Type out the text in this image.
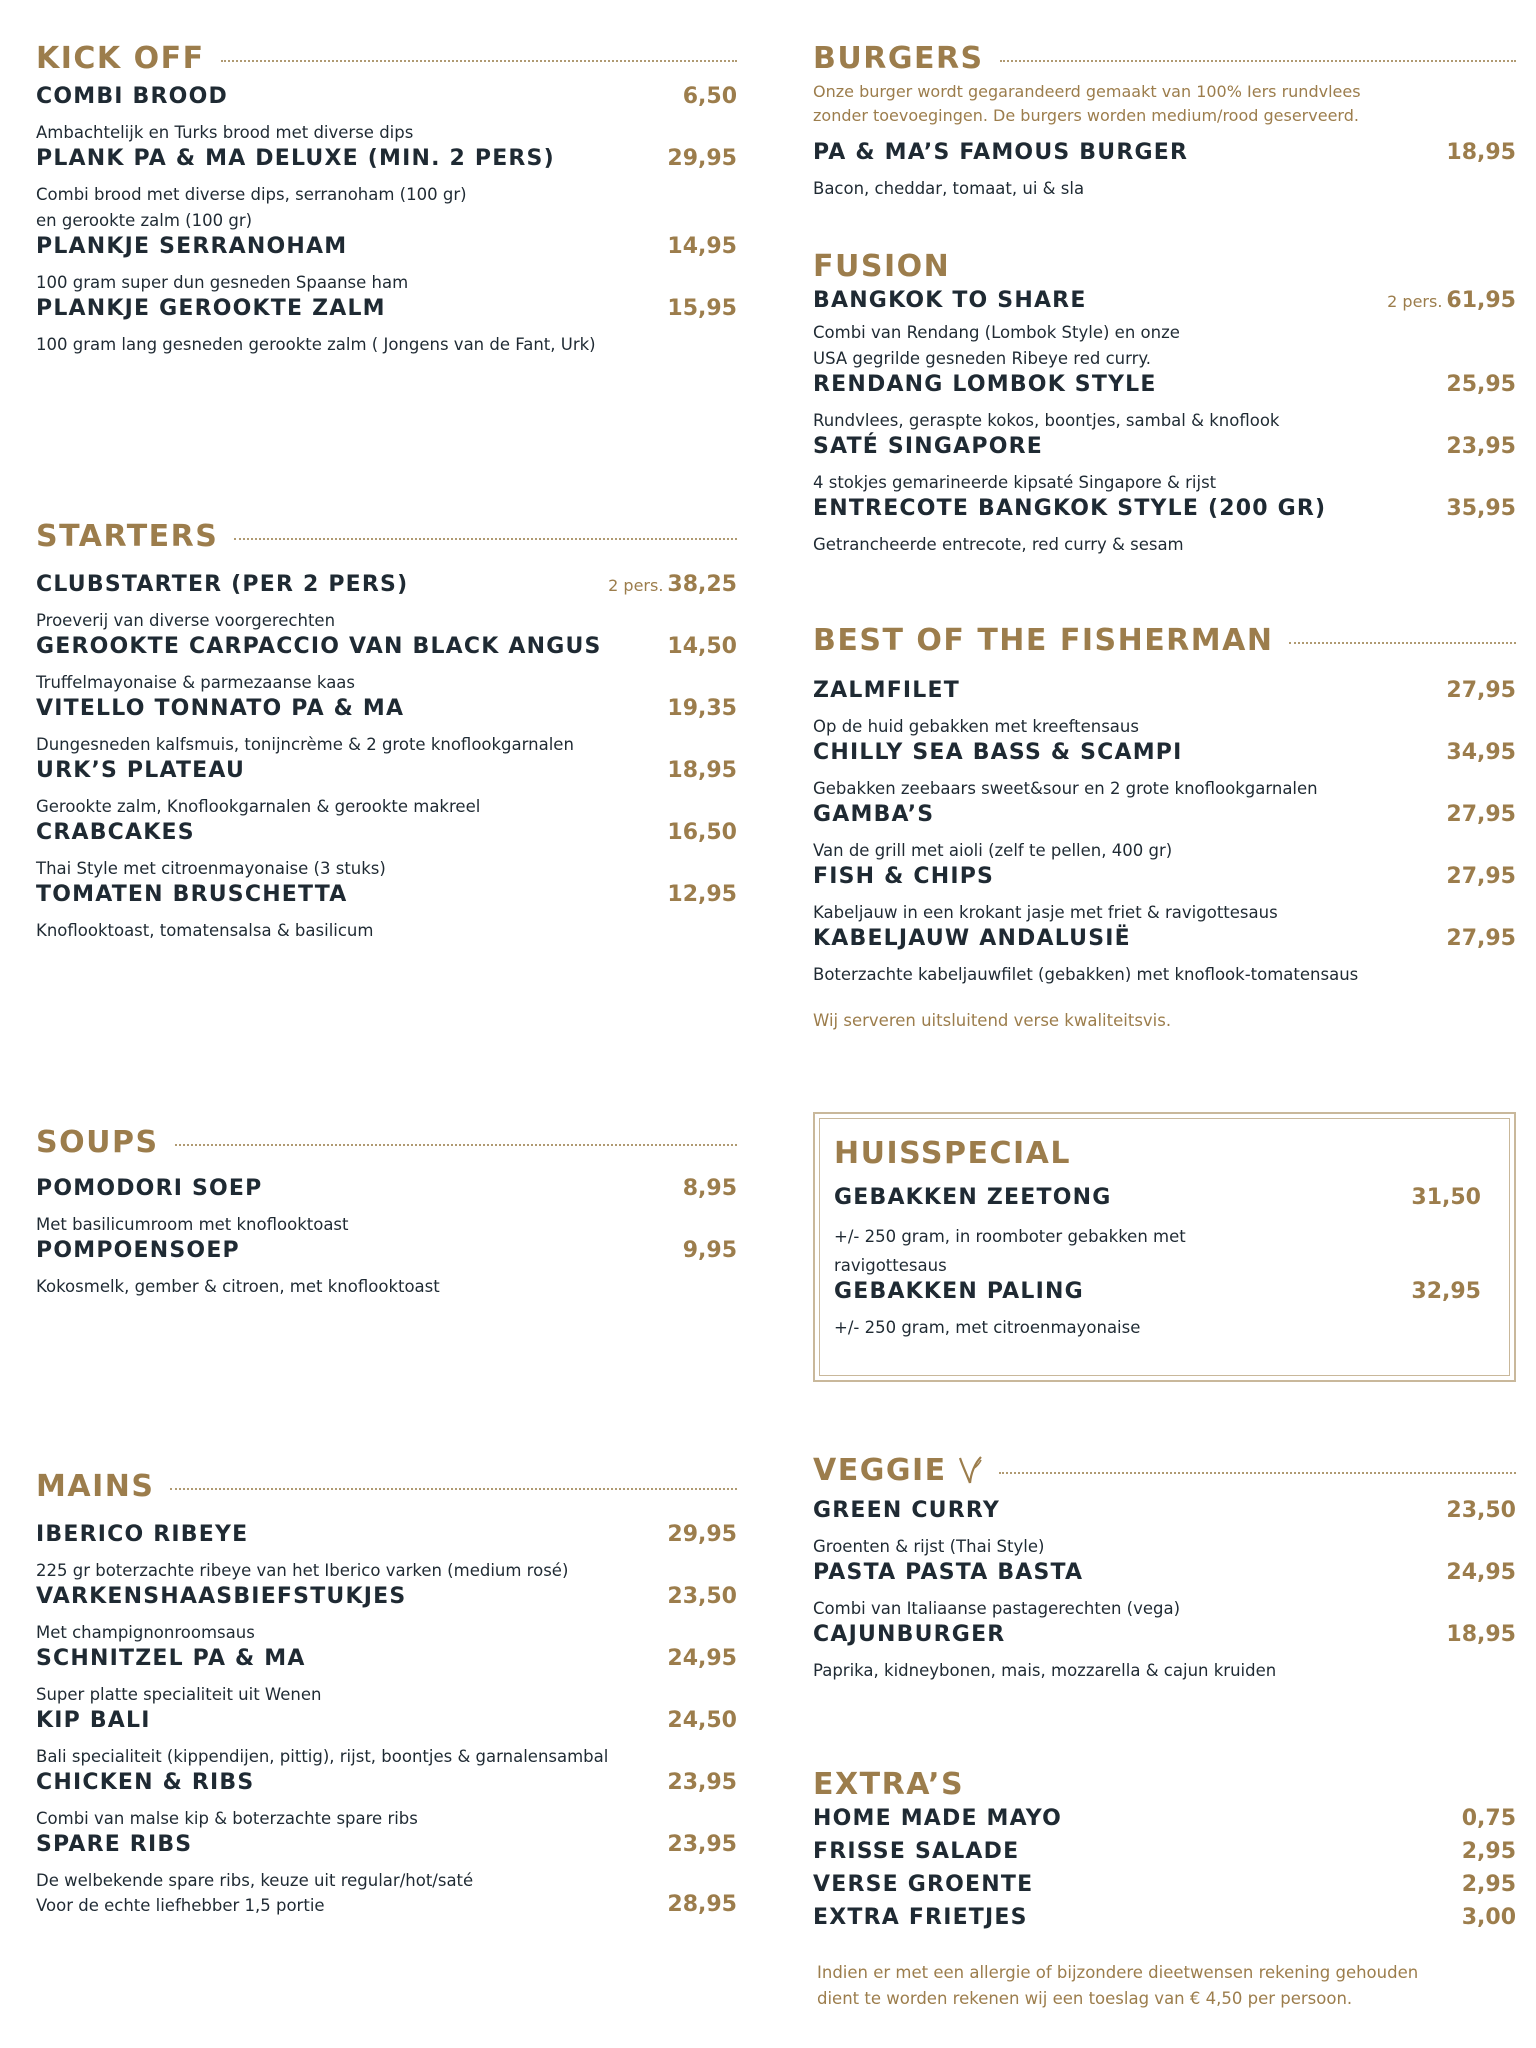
KICK OFF
COMBI BROOD	6,50
Ambachtelijk en Turks brood met diverse dips
PLANK PA & MA DELUXE (MIN. 2 PERS)	29,95
Combi brood met diverse dips, serranoham (100 gr)
en gerookte zalm (100 gr)
PLANKJE SERRANOHAM	14,95
100 gram super dun gesneden Spaanse ham
PLANKJE GEROOKTE ZALM	15,95
100 gram lang gesneden gerookte zalm ( Jongens van de Fant, Urk)
STARTERS
CLUBSTARTER (PER 2 PERS)	2 pers. 38,25
Proeverij van diverse voorgerechten
GEROOKTE CARPACCIO VAN BLACK ANGUS	14,50
Truffelmayonaise & parmezaanse kaas
VITELLO TONNATO PA & MA	19,35
Dungesneden kalfsmuis, tonijncrème & 2 grote knoflookgarnalen
URK’S PLATEAU	18,95
Gerookte zalm, Knoflookgarnalen & gerookte makreel
CRABCAKES	16,50
Thai Style met citroenmayonaise (3 stuks)
TOMATEN BRUSCHETTA	12,95
Knoflooktoast, tomatensalsa & basilicum
SOUPS
POMODORI SOEP	8,95
Met basilicumroom met knoflooktoast
POMPOENSOEP	9,95
Kokosmelk, gember & citroen, met knoflooktoast
MAINS
IBERICO RIBEYE	29,95
225 gr boterzachte ribeye van het Iberico varken (medium rosé)
VARKENSHAASBIEFSTUKJES	23,50
Met champignonroomsaus
SCHNITZEL PA & MA	24,95
Super platte specialiteit uit Wenen
KIP BALI	24,50
Bali specialiteit (kippendijen, pittig), rijst, boontjes & garnalensambal
CHICKEN & RIBS	23,95
Combi van malse kip & boterzachte spare ribs
SPARE RIBS	23,95
De welbekende spare ribs, keuze uit regular/hot/saté
Voor de echte liefhebber 1,5 portie	28,95
BURGERS
Onze burger wordt gegarandeerd gemaakt van 100% Iers rundvlees
zonder toevoegingen. De burgers worden medium/rood geserveerd.
PA & MA’S FAMOUS BURGER	18,95
Bacon, cheddar, tomaat, ui & sla
FUSION
BANGKOK TO SHARE	2 pers. 61,95
Combi van Rendang (Lombok Style) en onze
USA gegrilde gesneden Ribeye red curry.
RENDANG LOMBOK STYLE	25,95
Rundvlees, geraspte kokos, boontjes, sambal & knoflook
SATÉ SINGAPORE	23,95
4 stokjes gemarineerde kipsaté Singapore & rijst
ENTRECOTE BANGKOK STYLE (200 GR)	35,95
Getrancheerde entrecote, red curry & sesam
BEST OF THE FISHERMAN
ZALMFILET	27,95
Op de huid gebakken met kreeftensaus
CHILLY SEA BASS & SCAMPI	34,95
Gebakken zeebaars sweet&sour en 2 grote knoflookgarnalen
GAMBA’S	27,95
Van de grill met aioli (zelf te pellen, 400 gr)
FISH & CHIPS	27,95
Kabeljauw in een krokant jasje met friet & ravigottesaus
KABELJAUW ANDALUSIË	27,95
Boterzachte kabeljauwfilet (gebakken) met knoflook-tomatensaus
Wij serveren uitsluitend verse kwaliteitsvis.
HUISSPECIAL
GEBAKKEN ZEETONG	31,50
+/- 250 gram, in roomboter gebakken met
ravigottesaus
GEBAKKEN PALING	32,95
+/- 250 gram, met citroenmayonaise
VEGGIE
GREEN CURRY	23,50
Groenten & rijst (Thai Style)
PASTA PASTA BASTA	24,95
Combi van Italiaanse pastagerechten (vega)
CAJUNBURGER	18,95
Paprika, kidneybonen, mais, mozzarella & cajun kruiden
EXTRA’S
HOME MADE MAYO	0,75
FRISSE SALADE	2,95
VERSE GROENTE	2,95
EXTRA FRIETJES	3,00
Indien er met een allergie of bijzondere dieetwensen rekening gehouden
dient te worden rekenen wij een toeslag van € 4,50 per persoon.
